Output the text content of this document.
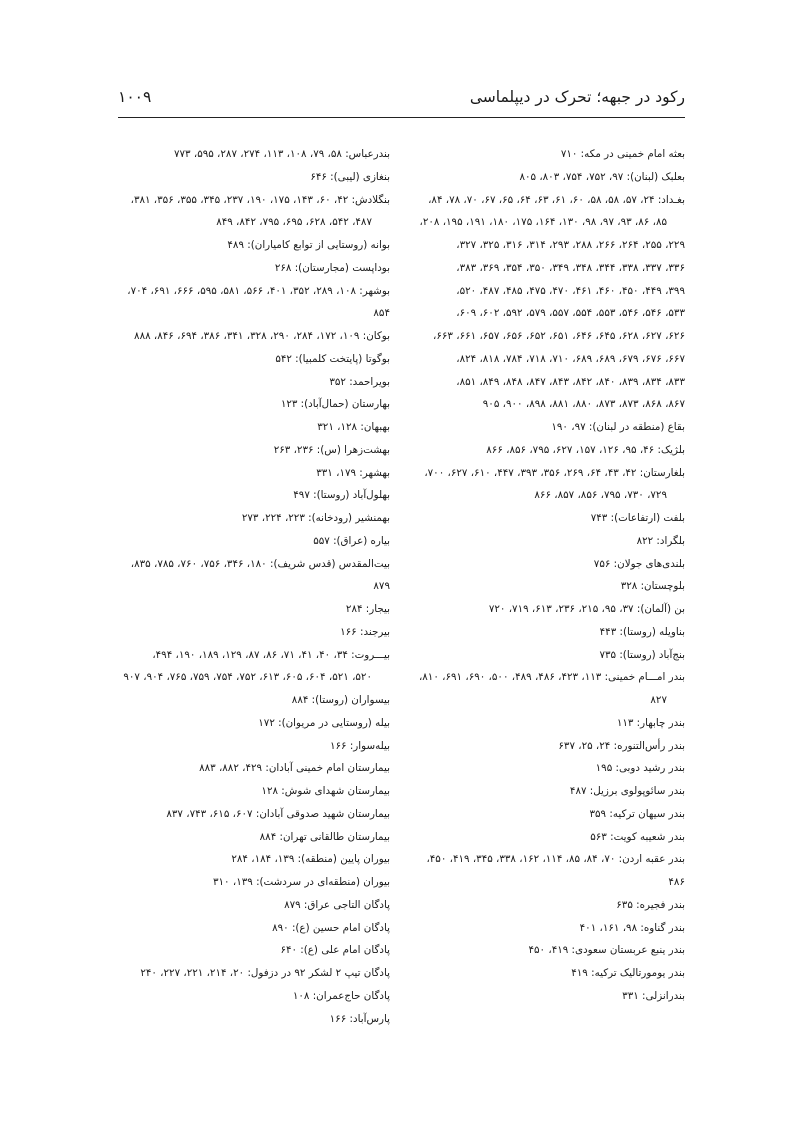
رکود در جبهه؛ تحرک در دیپلماسی
۱۰۰۹
بعثه امام خمینی در مکه: ۷۱۰
بعلبک (لبنان): ۹۷، ۷۵۲، ۷۵۴، ۸۰۳، ۸۰۵
بغـداد: ۲۴، ۵۷، ۵۸، ۵۸، ۶۰، ۶۱، ۶۳، ۶۴، ۶۵، ۶۷، ۷۰، ۷۸، ۸۴،
۸۵، ۸۶، ۹۳، ۹۷، ۹۸، ۱۳۰، ۱۶۴، ۱۷۵، ۱۸۰، ۱۹۱، ۱۹۵، ۲۰۸،
۲۲۹، ۲۵۵، ۲۶۴، ۲۶۶، ۲۸۸، ۲۹۳، ۳۱۴، ۳۱۶، ۳۲۵، ۳۲۷،
۳۳۶، ۳۳۷، ۳۳۸، ۳۴۴، ۳۴۸، ۳۴۹، ۳۵۰، ۳۵۴، ۳۶۹، ۳۸۳،
۳۹۹، ۴۴۹، ۴۵۰، ۴۶۰، ۴۶۱، ۴۷۰، ۴۷۵، ۴۸۵، ۴۸۷، ۵۲۰،
۵۳۳، ۵۴۶، ۵۴۶، ۵۵۳، ۵۵۴، ۵۵۷، ۵۷۹، ۵۹۲، ۶۰۲، ۶۰۹،
۶۲۶، ۶۲۷، ۶۲۸، ۶۴۵، ۶۴۶، ۶۵۱، ۶۵۲، ۶۵۶، ۶۵۷، ۶۶۱، ۶۶۳،
۶۶۷، ۶۷۶، ۶۷۹، ۶۸۹، ۶۸۹، ۷۱۰، ۷۱۸، ۷۸۴، ۸۱۸، ۸۲۴،
۸۳۳، ۸۳۴، ۸۳۹، ۸۴۰، ۸۴۲، ۸۴۳، ۸۴۷، ۸۴۸، ۸۴۹، ۸۵۱،
۸۶۷، ۸۶۸، ۸۷۳، ۸۷۳، ۸۸۰، ۸۸۱، ۸۹۸، ۹۰۰، ۹۰۵
بقاع (منطقه در لبنان): ۹۷، ۱۹۰
بلژیک: ۴۶، ۹۵، ۱۲۶، ۱۵۷، ۶۲۷، ۷۹۵، ۸۵۶، ۸۶۶
بلغارستان: ۴۲، ۴۳، ۶۴، ۲۶۹، ۳۵۶، ۳۹۳، ۴۴۷، ۶۱۰، ۶۲۷، ۷۰۰،
۷۲۹، ۷۳۰، ۷۹۵، ۸۵۶، ۸۵۷، ۸۶۶
بلفت (ارتفاعات): ۷۴۳
بلگراد: ۸۲۲
بلندی‌های جولان: ۷۵۶
بلوچستان: ۳۲۸
بن (آلمان): ۳۷، ۹۵، ۲۱۵، ۲۳۶، ۶۱۳، ۷۱۹، ۷۲۰
بناویله (روستا): ۴۴۳
بنج‌آباد (روستا): ۷۳۵
بندر امـــام خمینی: ۱۱۳، ۴۲۳، ۴۸۶، ۴۸۹، ۵۰۰، ۶۹۰، ۶۹۱، ۸۱۰،
۸۲۷
بندر چابهار: ۱۱۳
بندر رأس‌التنوره: ۲۴، ۲۵، ۶۳۷
بندر رشید دوبی: ۱۹۵
بندر سائوپولوی برزیل: ۴۸۷
بندر سیهان ترکیه: ۳۵۹
بندر شعیبه کویت: ۵۶۳
بندر عقبه اردن: ۷۰، ۸۴، ۸۵، ۱۱۴، ۱۶۲، ۳۳۸، ۳۴۵، ۴۱۹، ۴۵۰، ۴۸۶
بندر فجیره: ۶۳۵
بندر گناوه: ۹۸، ۱۶۱، ۴۰۱
بندر ینبع عربستان سعودی: ۴۱۹، ۴۵۰
بندر یومورتالیک ترکیه: ۴۱۹
بندرانزلی: ۳۳۱
بندرعباس: ۵۸، ۷۹، ۱۰۸، ۱۱۳، ۲۷۴، ۲۸۷، ۵۹۵، ۷۷۳
بنغازی (لیبی): ۶۴۶
بنگلادش: ۴۲، ۶۰، ۱۴۳، ۱۷۵، ۱۹۰، ۲۳۷، ۳۴۵، ۳۵۵، ۳۵۶، ۳۸۱،
۴۸۷، ۵۴۲، ۶۲۸، ۶۹۵، ۷۹۵، ۸۴۲، ۸۴۹
بوانه (روستایی از توابع کامیاران): ۴۸۹
بوداپست (مجارستان): ۲۶۸
بوشهر: ۱۰۸، ۲۸۹، ۳۵۲، ۴۰۱، ۵۶۶، ۵۸۱، ۵۹۵، ۶۶۶، ۶۹۱، ۷۰۴، ۸۵۴
بوکان: ۱۰۹، ۱۷۲، ۲۸۴، ۲۹۰، ۳۲۸، ۳۴۱، ۳۸۶، ۶۹۴، ۸۴۶، ۸۸۸
بوگوتا (پایتخت کلمبیا): ۵۴۲
بویراحمد: ۳۵۲
بهارستان (حمال‌آباد): ۱۲۳
بهبهان: ۱۲۸، ۳۲۱
بهشت‌زهرا (س): ۲۳۶، ۲۶۳
بهشهر: ۱۷۹، ۳۳۱
بهلول‌آباد (روستا): ۴۹۷
بهمنشیر (رودخانه): ۲۲۳، ۲۲۴، ۲۷۳
بیاره (عراق): ۵۵۷
بیت‌المقدس (قدس شریف): ۱۸۰، ۳۴۶، ۷۵۶، ۷۶۰، ۷۸۵، ۸۳۵، ۸۷۹
بیجار: ۲۸۴
بیرجند: ۱۶۶
بیـــروت: ۳۴، ۴۰، ۴۱، ۷۱، ۸۶، ۸۷، ۱۲۹، ۱۸۹، ۱۹۰، ۴۹۴،
۵۲۰، ۵۲۱، ۶۰۴، ۶۰۵، ۶۱۳، ۷۵۲، ۷۵۴، ۷۵۹، ۷۶۵، ۹۰۴، ۹۰۷
بیسواران (روستا): ۸۸۴
بیله (روستایی در مریوان): ۱۷۲
بیله‌سوار: ۱۶۶
بیمارستان امام خمینی آبادان: ۴۲۹، ۸۸۲، ۸۸۳
بیمارستان شهدای شوش: ۱۲۸
بیمارستان شهید صدوقی آبادان: ۶۰۷، ۶۱۵، ۷۴۳، ۸۳۷
بیمارستان طالقانی تهران: ۸۸۴
بیوران پایین (منطقه): ۱۳۹، ۱۸۴، ۲۸۴
بیوران (منطقه‌ای در سردشت): ۱۳۹، ۳۱۰
پادگان التاجی عراق: ۸۷۹
پادگان امام حسین (ع): ۸۹۰
پادگان امام علی (ع): ۶۴۰
پادگان تیپ ۲ لشکر ۹۲ در دزفول: ۲۰، ۲۱۴، ۲۲۱، ۲۲۷، ۲۴۰
پادگان حاج‌عمران: ۱۰۸
پارس‌آباد: ۱۶۶
